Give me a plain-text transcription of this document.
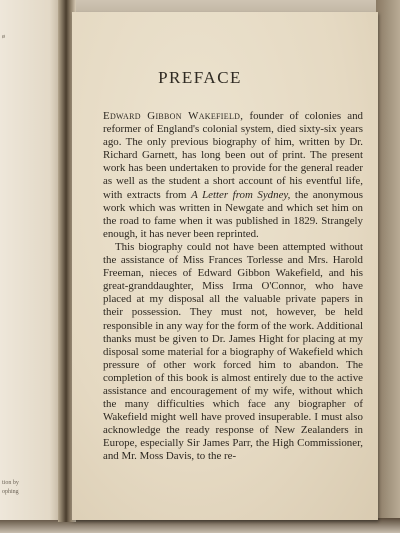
ø
tion by
ophing
PREFACE

Edward Gibbon Wakefield, founder of colonies and reformer of England's colonial system, died sixty-six years ago. The only previous biography of him, written by Dr. Richard Garnett, has long been out of print. The present work has been undertaken to provide for the general reader as well as the student a short account of his eventful life, with extracts from A Letter from Sydney, the anonymous work which was written in Newgate and which set him on the road to fame when it was published in 1829. Strangely enough, it has never been reprinted.

This biography could not have been attempted without the assistance of Miss Frances Torlesse and Mrs. Harold Freeman, nieces of Edward Gibbon Wakefield, and his great-granddaughter, Miss Irma O'Connor, who have placed at my disposal all the valuable private papers in their possession. They must not, however, be held responsible in any way for the form of the work. Additional thanks must be given to Dr. James Hight for placing at my disposal some material for a biography of Wakefield which pressure of other work forced him to abandon. The completion of this book is almost entirely due to the active assistance and encouragement of my wife, without which the many difficulties which face any biographer of Wakefield might well have proved insuperable. I must also acknowledge the ready response of New Zealanders in Europe, especially Sir James Parr, the High Commissioner, and Mr. Moss Davis, to the re-
